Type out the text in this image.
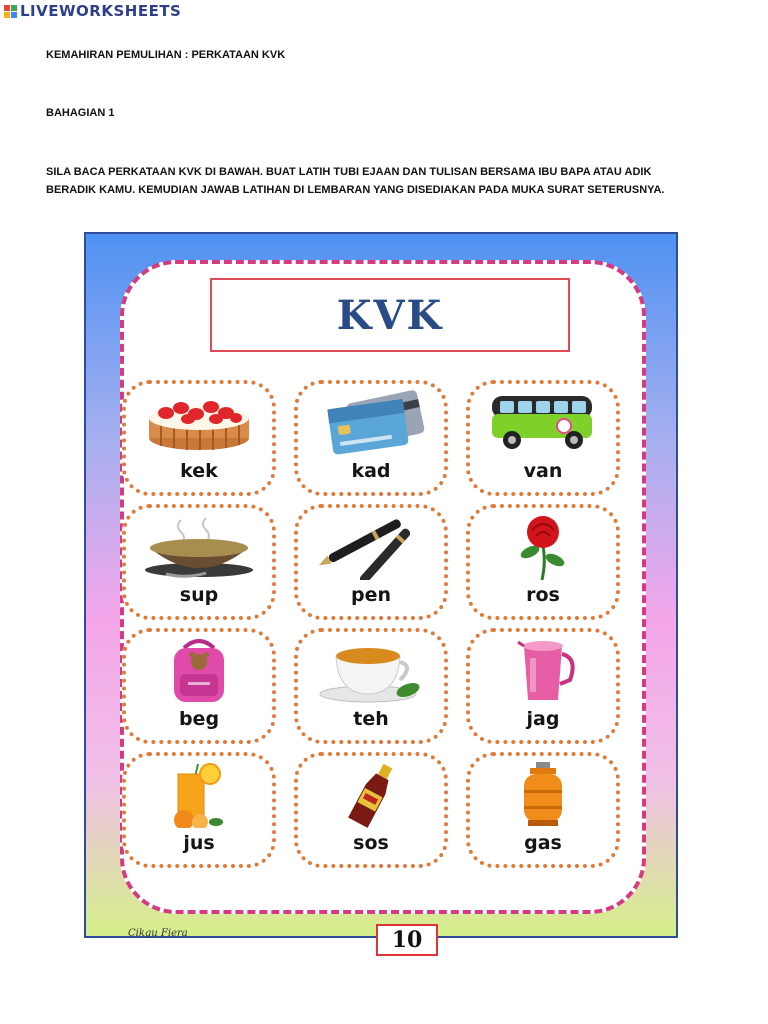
LIVEWORKSHEETS
KEMAHIRAN PEMULIHAN : PERKATAAN KVK
BAHAGIAN 1
SILA BACA PERKATAAN KVK DI BAWAH. BUAT LATIH TUBI EJAAN DAN TULISAN BERSAMA IBU BAPA ATAU ADIK
BERADIK KAMU. KEMUDIAN JAWAB LATIHAN DI LEMBARAN YANG DISEDIAKAN PADA MUKA SURAT SETERUSNYA.
KVK
kek	kad	van
sup	pen	ros
beg	teh	jag
jus	sos	gas
Cikgu Fiera	10
